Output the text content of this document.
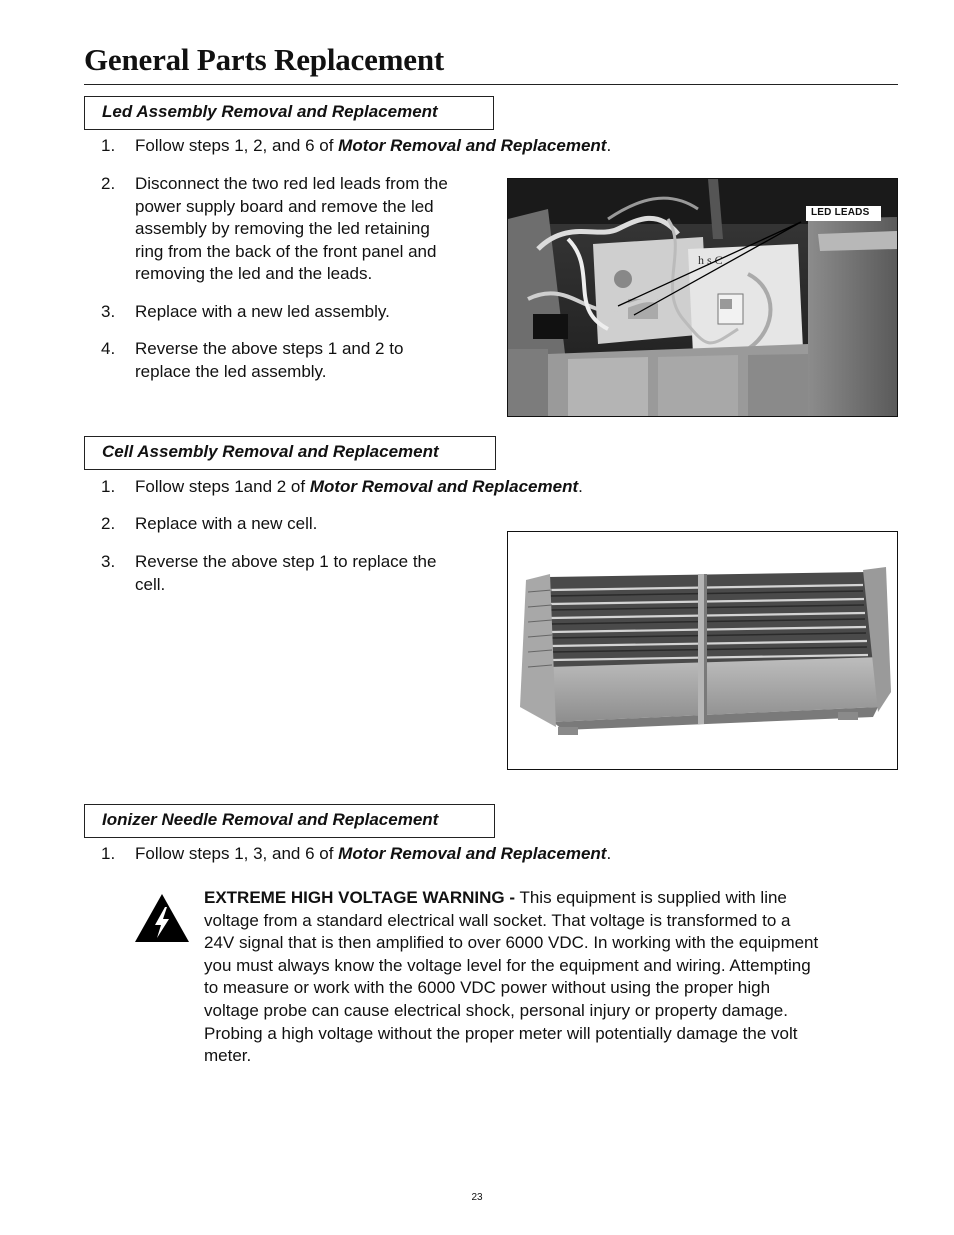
General Parts Replacement
Led Assembly Removal and Replacement
1. Follow steps 1, 2, and 6 of Motor Removal and Replacement.
2. Disconnect the two red led leads from the
power supply board and remove the led
assembly by removing the led retaining
ring from the back of the front panel and
removing the led and the leads.
3. Replace with a new led assembly.
4. Reverse the above steps 1 and 2 to
replace the led assembly.
h s C
LED LEADS
Cell Assembly Removal and Replacement
1. Follow steps 1and 2 of Motor Removal and Replacement.
2. Replace with a new cell.
3. Reverse the above step 1 to replace the
cell.
Ionizer Needle Removal and Replacement
1. Follow steps 1, 3, and 6 of Motor Removal and Replacement.
EXTREME HIGH VOLTAGE WARNING - This equipment is supplied with line
voltage from a standard electrical wall socket. That voltage is transformed to a
24V signal that is then amplified to over 6000 VDC. In working with the equipment
you must always know the voltage level for the equipment and wiring. Attempting
to measure or work with the 6000 VDC power without using the proper high
voltage probe can cause electrical shock, personal injury or property damage.
Probing a high voltage without the proper meter will potentially damage the volt
meter.
23
